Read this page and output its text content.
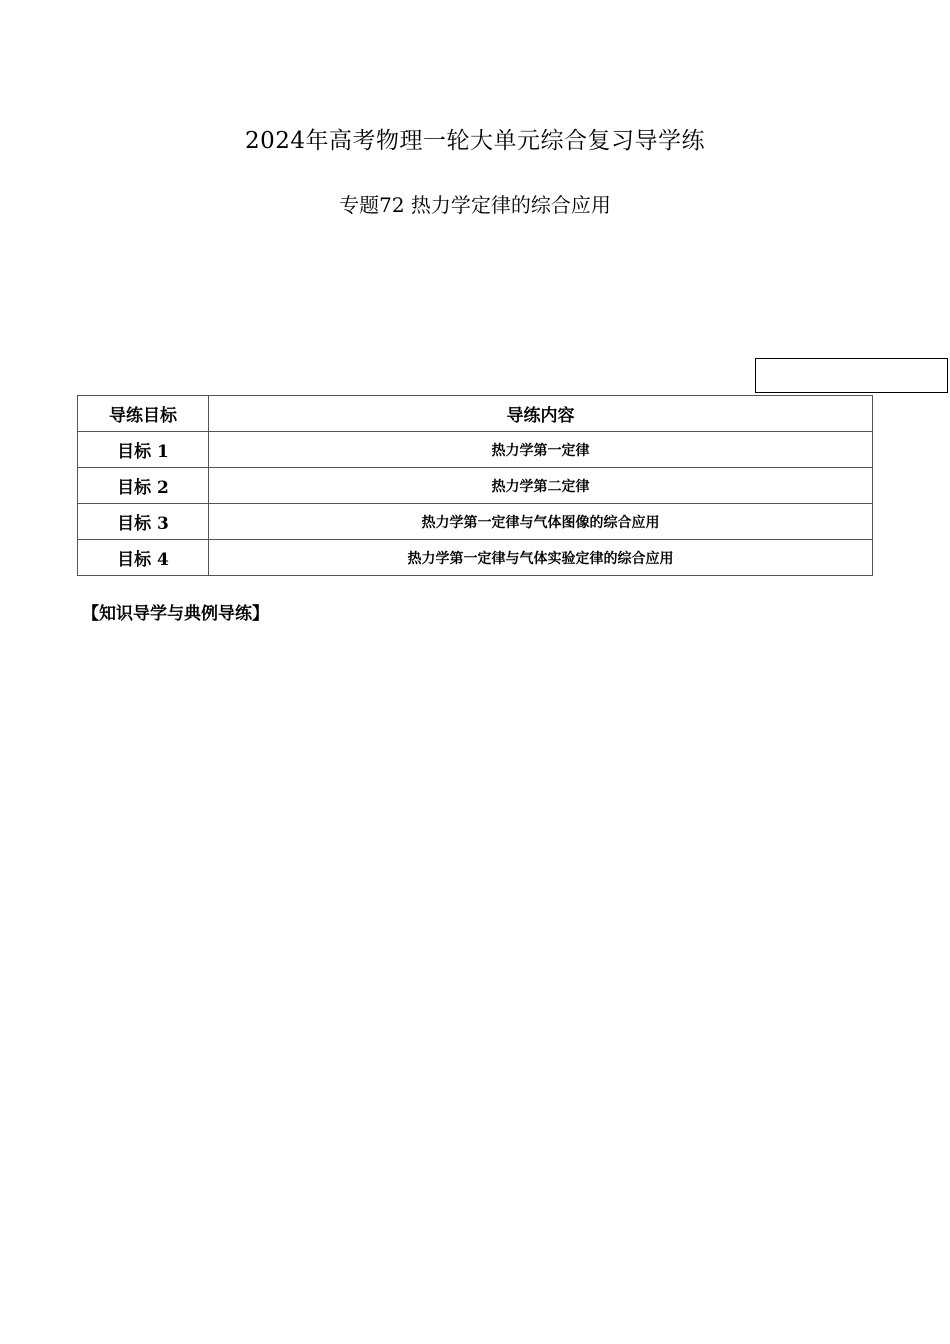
2024年高考物理一轮大单元综合复习导学练
专题72 热力学定律的综合应用
导练目标	导练内容
目标 1	热力学第一定律
目标 2	热力学第二定律
目标 3	热力学第一定律与气体图像的综合应用
目标 4	热力学第一定律与气体实验定律的综合应用
【知识导学与典例导练】
